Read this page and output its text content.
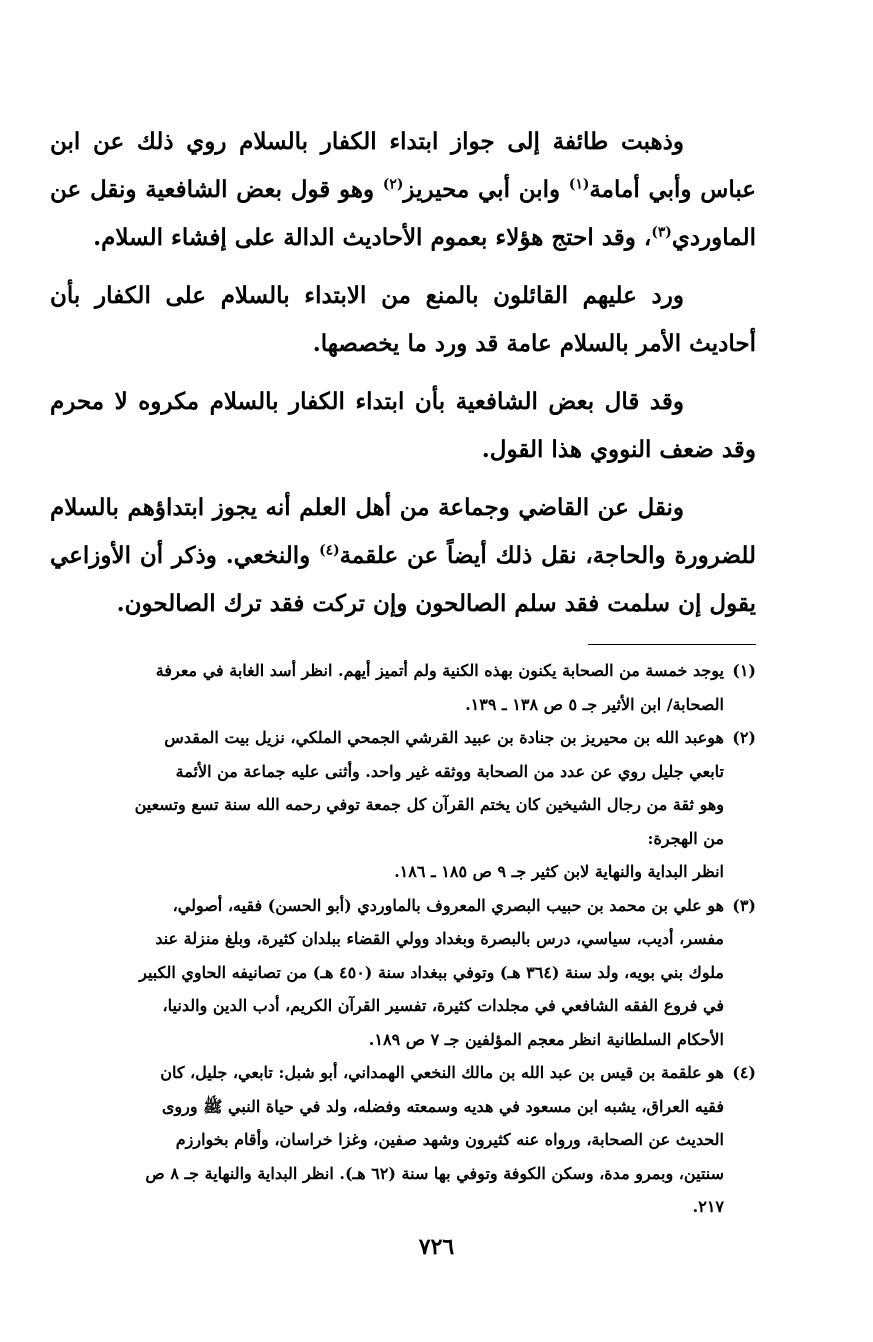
وذهبت طائفة إلى جواز ابتداء الكفار بالسلام روي ذلك عن ابن عباس وأبي أمامة$^{(١)}$ وابن أبي محيريز$^{(٢)}$ وهو قول بعض الشافعية ونقل عن الماوردي$^{(٣)}$، وقد احتج هؤلاء بعموم الأحاديث الدالة على إفشاء السلام.

ورد عليهم القائلون بالمنع من الابتداء بالسلام على الكفار بأن أحاديث الأمر بالسلام عامة قد ورد ما يخصصها.

وقد قال بعض الشافعية بأن ابتداء الكفار بالسلام مكروه لا محرم وقد ضعف النووي هذا القول.

ونقل عن القاضي وجماعة من أهل العلم أنه يجوز ابتداؤهم بالسلام للضرورة والحاجة، نقل ذلك أيضاً عن علقمة$^{(٤)}$ والنخعي. وذكر أن الأوزاعي يقول إن سلمت فقد سلم الصالحون وإن تركت فقد ترك الصالحون.

(١)
يوجد خمسة من الصحابة يكنون بهذه الكنية ولم أتميز أيهم. انظر أسد الغابة في معرفة
الصحابة/ ابن الأثير جـ ٥ ص ١٣٨ ـ ١٣٩.
(٢)
هوعبد الله بن محيريز بن جنادة بن عبيد القرشي الجمحي الملكي، نزيل بيت المقدس
تابعي جليل روي عن عدد من الصحابة ووثقه غير واحد. وأثنى عليه جماعة من الأئمة
وهو ثقة من رجال الشيخين كان يختم القرآن كل جمعة توفي رحمه الله سنة تسع وتسعين
من الهجرة:
انظر البداية والنهاية لابن كثير جـ ٩ ص ١٨٥ ـ ١٨٦.
(٣)
هو علي بن محمد بن حبيب البصري المعروف بالماوردي (أبو الحسن) فقيه، أصولي،
مفسر، أديب، سياسي، درس بالبصرة وبغداد وولي القضاء ببلدان كثيرة، وبلغ منزلة عند
ملوك بني بويه، ولد سنة (٣٦٤ هـ) وتوفي ببغداد سنة (٤٥٠ هـ) من تصانيفه الحاوي الكبير
في فروع الفقه الشافعي في مجلدات كثيرة، تفسير القرآن الكريم، أدب الدين والدنيا،
الأحكام السلطانية انظر معجم المؤلفين جـ ٧ ص ١٨٩.
(٤)
هو علقمة بن قيس بن عبد الله بن مالك النخعي الهمداني، أبو شبل: تابعي، جليل، كان
فقيه العراق، يشبه ابن مسعود في هديه وسمعته وفضله، ولد في حياة النبي ﷺ وروى
الحديث عن الصحابة، ورواه عنه كثيرون وشهد صفين، وغزا خراسان، وأقام بخوارزم
سنتين، وبمرو مدة، وسكن الكوفة وتوفي بها سنة (٦٢ هـ). انظر البداية والنهاية جـ ٨ ص
٢١٧.
٧٢٦
